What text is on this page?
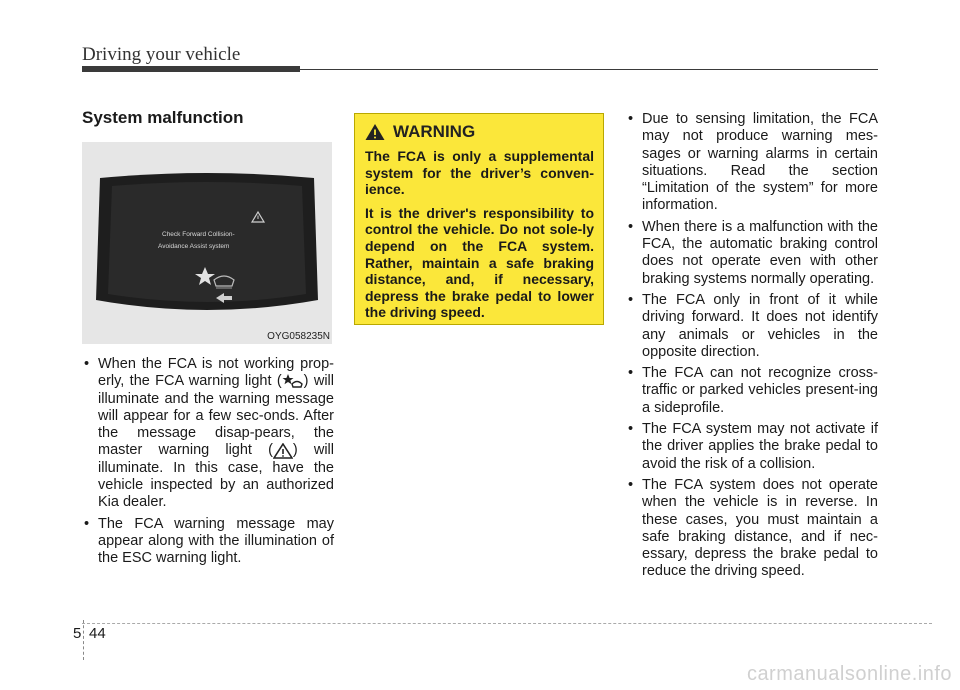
Driving your vehicle
System malfunction
Check Forward Collision-
Avoidance Assist system
OYG058235N
• When the FCA is not working prop-erly, the FCA warning light ( ) will illuminate and the warning message will appear for a few sec-onds. After the message disap-pears, the master warning light ( ) will illuminate. In this case, have the vehicle inspected by an authorized Kia dealer.
• The FCA warning message may appear along with the illumination of the ESC warning light.
WARNING

The FCA is only a supplemental system for the driver’s conven-ience.

It is the driver's responsibility to control the vehicle. Do not sole-ly depend on the FCA system. Rather, maintain a safe braking distance, and, if necessary, depress the brake pedal to lower the driving speed.

• Due to sensing limitation, the FCA may not produce warning mes-sages or warning alarms in certain situations. Read the section “Limitation of the system” for more information.
• When there is a malfunction with the FCA, the automatic braking control does not operate even with other braking systems normally operating.
• The FCA only in front of it while driving forward. It does not identify any animals or vehicles in the opposite direction.
• The FCA can not recognize cross-traffic or parked vehicles present-ing a sideprofile.
• The FCA system may not activate if the driver applies the brake pedal to avoid the risk of a collision.
• The FCA system does not operate when the vehicle is in reverse. In these cases, you must maintain a safe braking distance, and if nec-essary, depress the brake pedal to reduce the driving speed.
5 44
carmanualsonline.info
